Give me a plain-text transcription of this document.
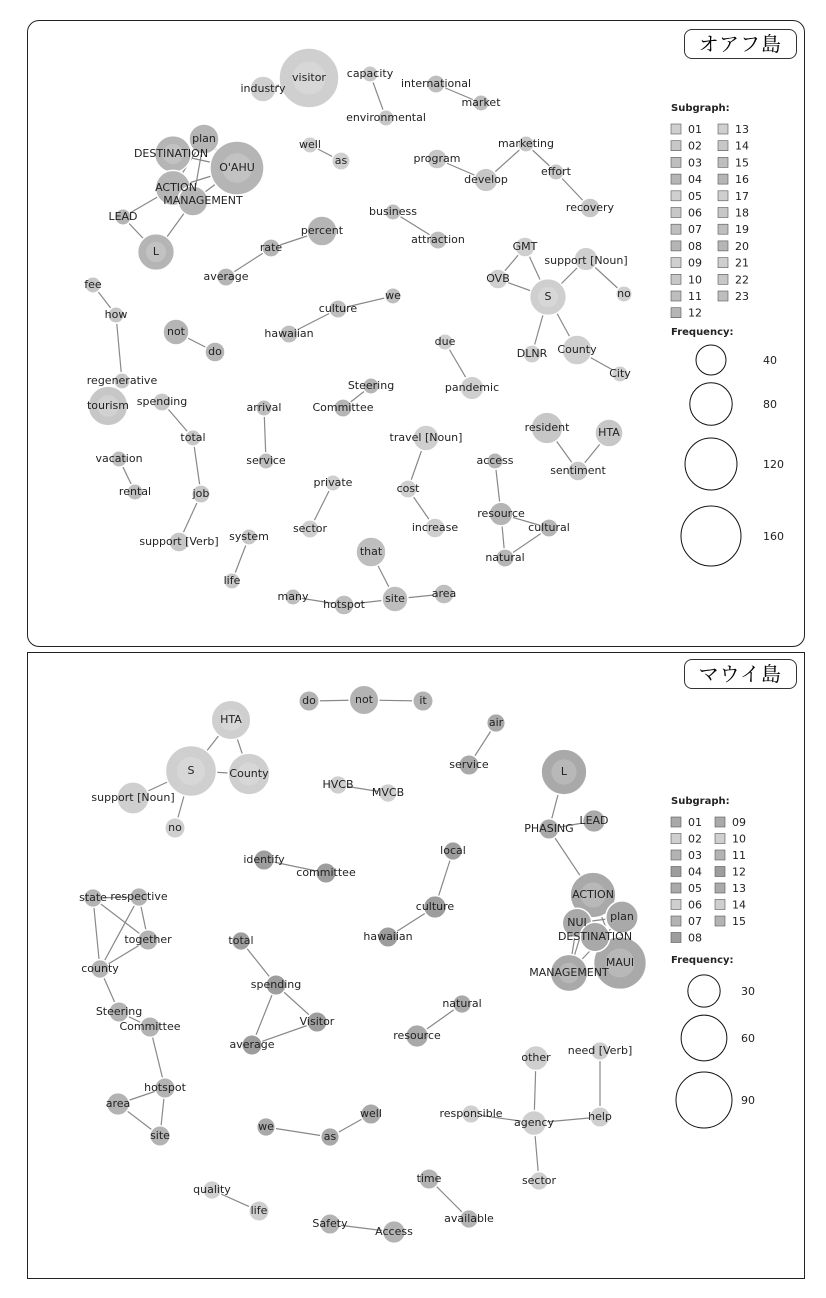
オアフ島
visitor
industry
capacity
environmental
international
market
DESTINATION
plan
O'AHU
ACTION
MANAGEMENT
LEAD
L
well
as	program
develop
marketing
effort
recovery
business
attraction
percent
rate
average
GMT
support [Noun]
OVB
S	no
DLNR County
City
fee
how
regenerative
tourism
culture
we
hawaiian
not
do
due
pandemic
spending
total
job
support [Verb]
arrival
service
Steering
Committee
travel [Noun]
cost
increase
resident	HTA
sentiment
vacation
rental
access
resource
cultural
natural
private
sector
system
life
that
many
hotspot site area
Subgraph:
01
02
03
04
05
06
07
08
09
10
11
12
13
14
15
16
17
18
19
20
21
22
23
Frequency:
40
80
120
160
マウイ島
L
PHASING
LEAD
ACTION
NUI plan
DESTINATION
MAUI
MANAGEMENT
HTA
S	County
support [Noun]
no
do	not	it
identify
committee
we
as
well
other
need [Verb]
responsible
agency	help
sector
time
available
local
culture
hawaiian
air
service
HVCB
MVCB
state respective
together
county
Steering
Committee
hotspot
area
site
total
spending
Visitor
average
natural
resource
quality
life
Safety
Access
Subgraph:
01
02
03
04
05
06
07
08
09
10
11
12
13
14
15
Frequency:
30
60
90
